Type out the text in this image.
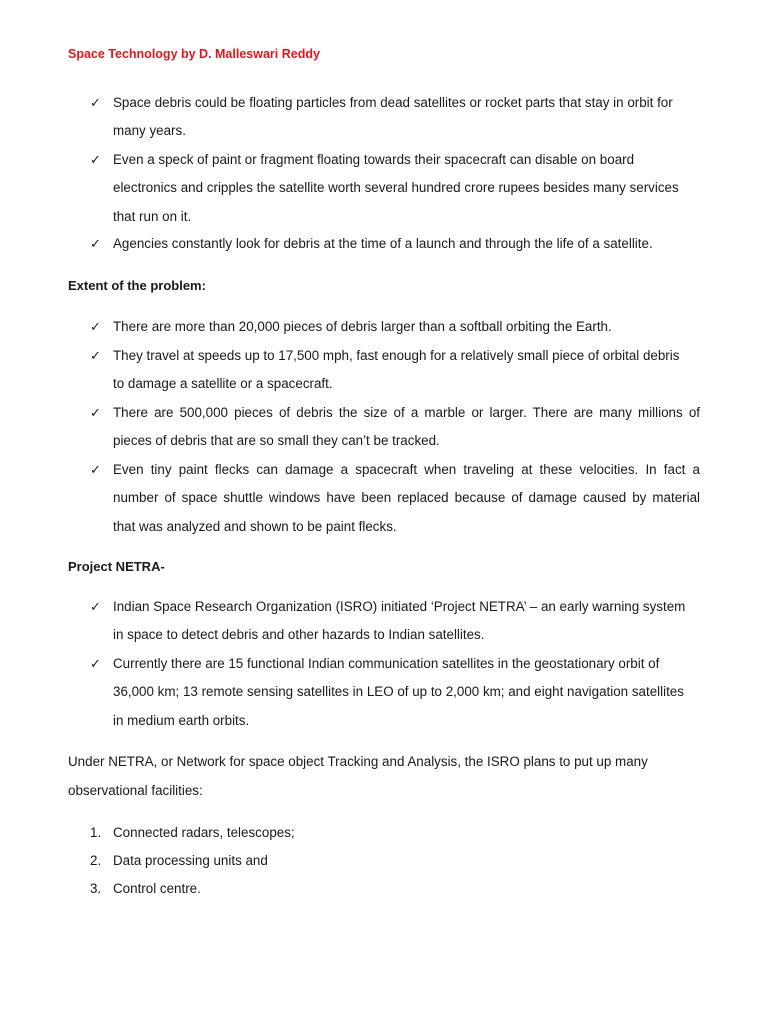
Space Technology by D. Malleswari Reddy
✓ Space debris could be floating particles from dead satellites or rocket parts that stay in orbit for
many years.
✓ Even a speck of paint or fragment floating towards their spacecraft can disable on board
electronics and cripples the satellite worth several hundred crore rupees besides many services
that run on it.
✓ Agencies constantly look for debris at the time of a launch and through the life of a satellite.
Extent of the problem:
✓ There are more than 20,000 pieces of debris larger than a softball orbiting the Earth.
✓ They travel at speeds up to 17,500 mph, fast enough for a relatively small piece of orbital debris
to damage a satellite or a spacecraft.
✓ There are 500,000 pieces of debris the size of a marble or larger. There are many millions of
pieces of debris that are so small they can’t be tracked.
✓ Even tiny paint flecks can damage a spacecraft when traveling at these velocities. In fact a
number of space shuttle windows have been replaced because of damage caused by material
that was analyzed and shown to be paint flecks.
Project NETRA-
✓ Indian Space Research Organization (ISRO) initiated ‘Project NETRA’ – an early warning system
in space to detect debris and other hazards to Indian satellites.
✓ Currently there are 15 functional Indian communication satellites in the geostationary orbit of
36,000 km; 13 remote sensing satellites in LEO of up to 2,000 km; and eight navigation satellites
in medium earth orbits.
Under NETRA, or Network for space object Tracking and Analysis, the ISRO plans to put up many
observational facilities:
1. Connected radars, telescopes;
2. Data processing units and
3. Control centre.
